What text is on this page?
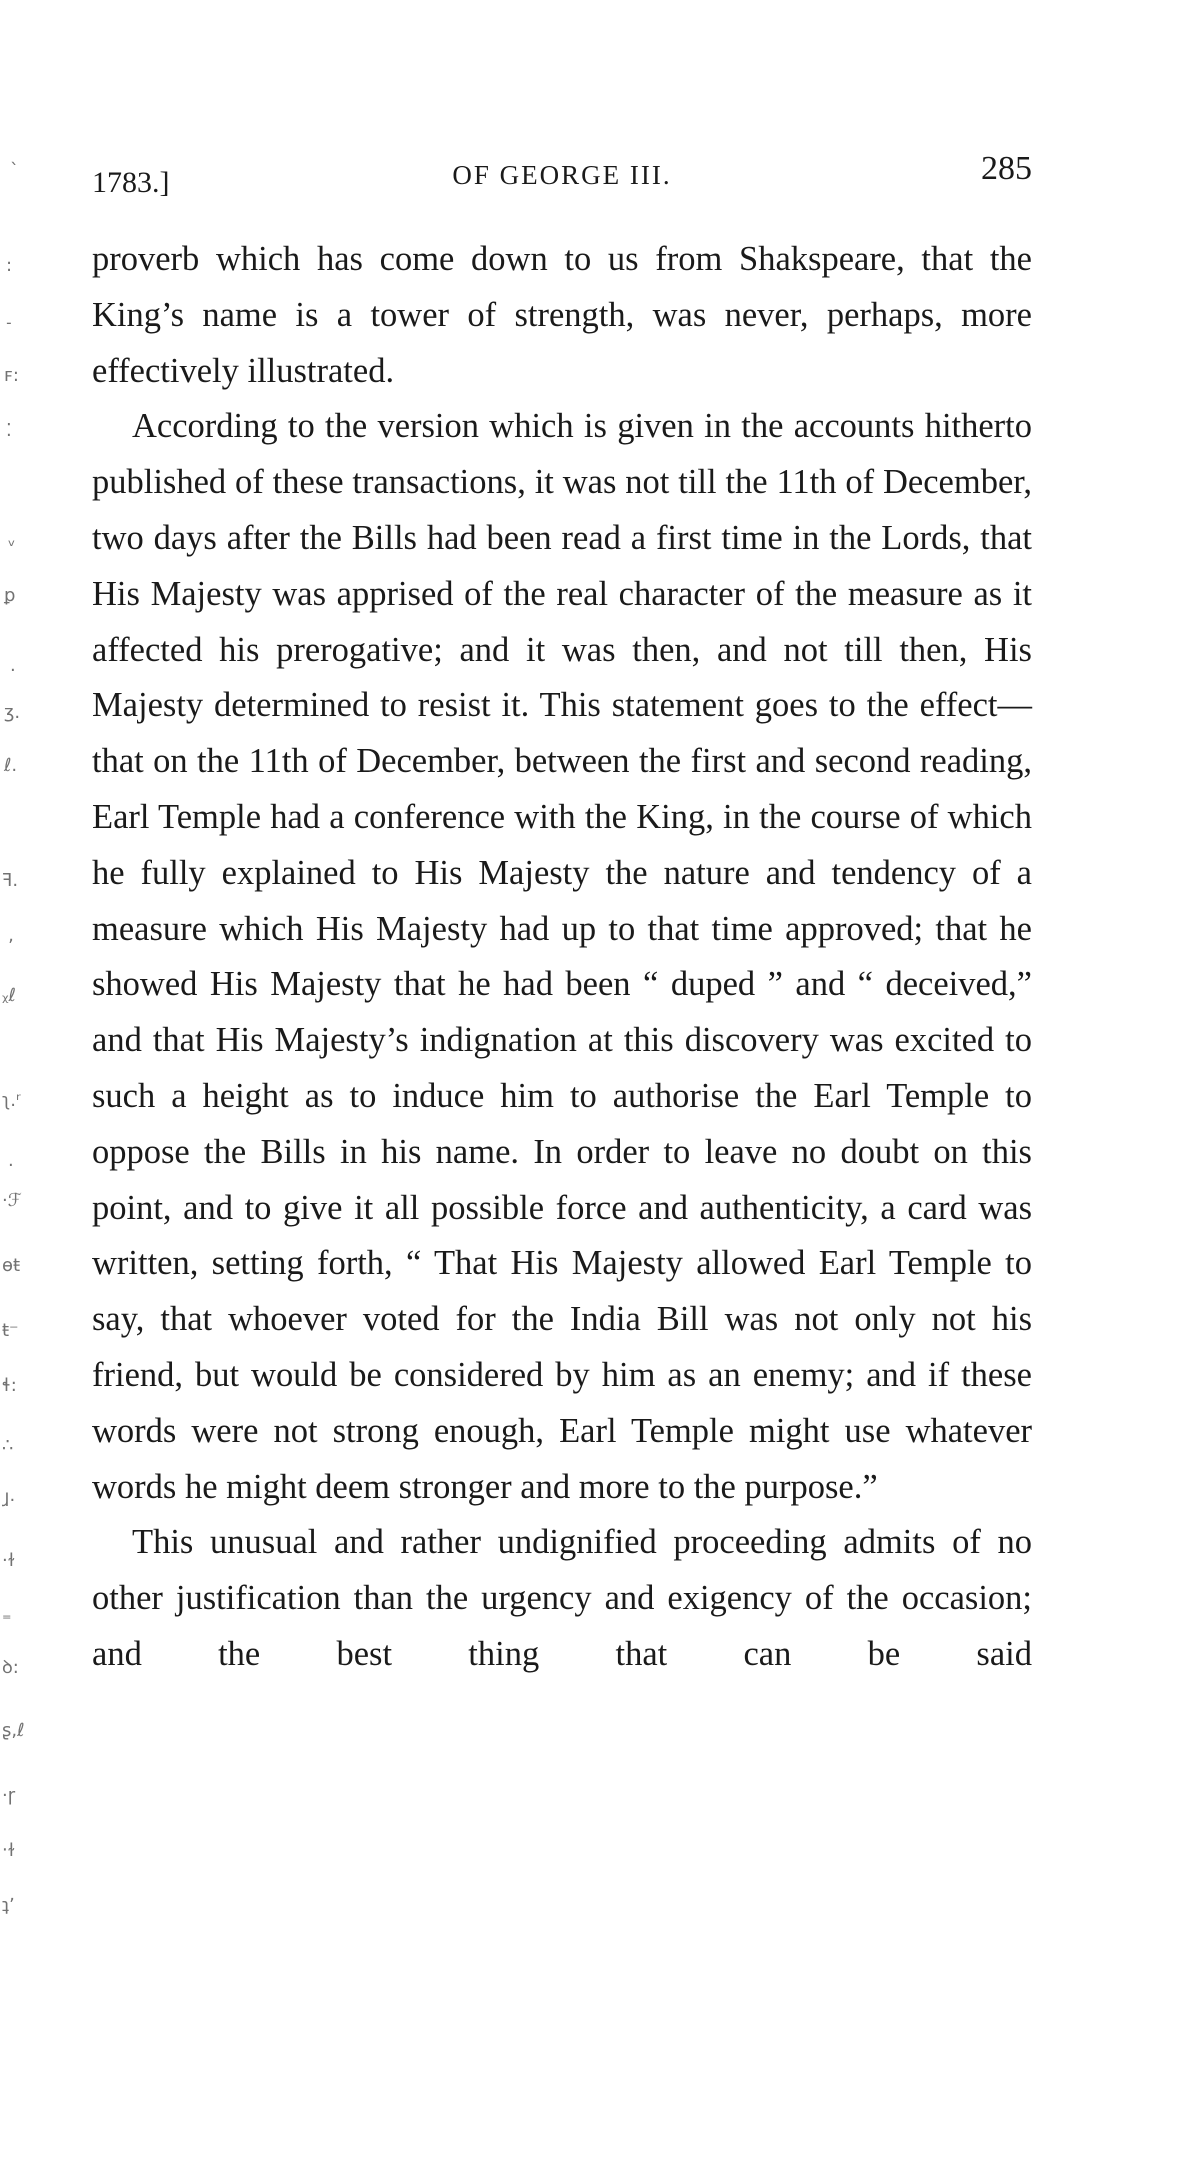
`
:
˗
ꜰ:
⁚
ᵥ
ꝑ
.
ʒ.
ℓ.
ꟻ.
‚
ᵪℓ
ʅ.ʳ
.
·ℱ
ɵŧ
ŧ⁻
ɬ:
∴
ɺ·
·ɫ
⁼
ꝺ:
ʂ,ℓ
·ɼ
‧ɫ
ʇʼ
1783.]	OF GEORGE III.	285

proverb which has come down to us from Shakspeare, that the King’s name is a tower of strength, was never, perhaps, more effectively illustrated.

According to the version which is given in the accounts hitherto published of these transactions, it was not till the 11th of December, two days after the Bills had been read a first time in the Lords, that His Majesty was apprised of the real character of the measure as it affected his prerogative; and it was then, and not till then, His Majesty determined to resist it. This statement goes to the effect—that on the 11th of December, between the first and second reading, Earl Temple had a conference with the King, in the course of which he fully explained to His Majesty the nature and tendency of a measure which His Majesty had up to that time approved; that he showed His Majesty that he had been “ duped ” and “ deceived,” and that His Majesty’s indignation at this discovery was excited to such a height as to induce him to authorise the Earl Temple to oppose the Bills in his name. In order to leave no doubt on this point, and to give it all possible force and authenticity, a card was written, setting forth, “ That His Majesty allowed Earl Temple to say, that whoever voted for the India Bill was not only not his friend, but would be considered by him as an enemy; and if these words were not strong enough, Earl Temple might use whatever words he might deem stronger and more to the purpose.”

This unusual and rather undignified proceeding admits of no other justification than the urgency and exigency of the occasion; and the best thing that can be said
